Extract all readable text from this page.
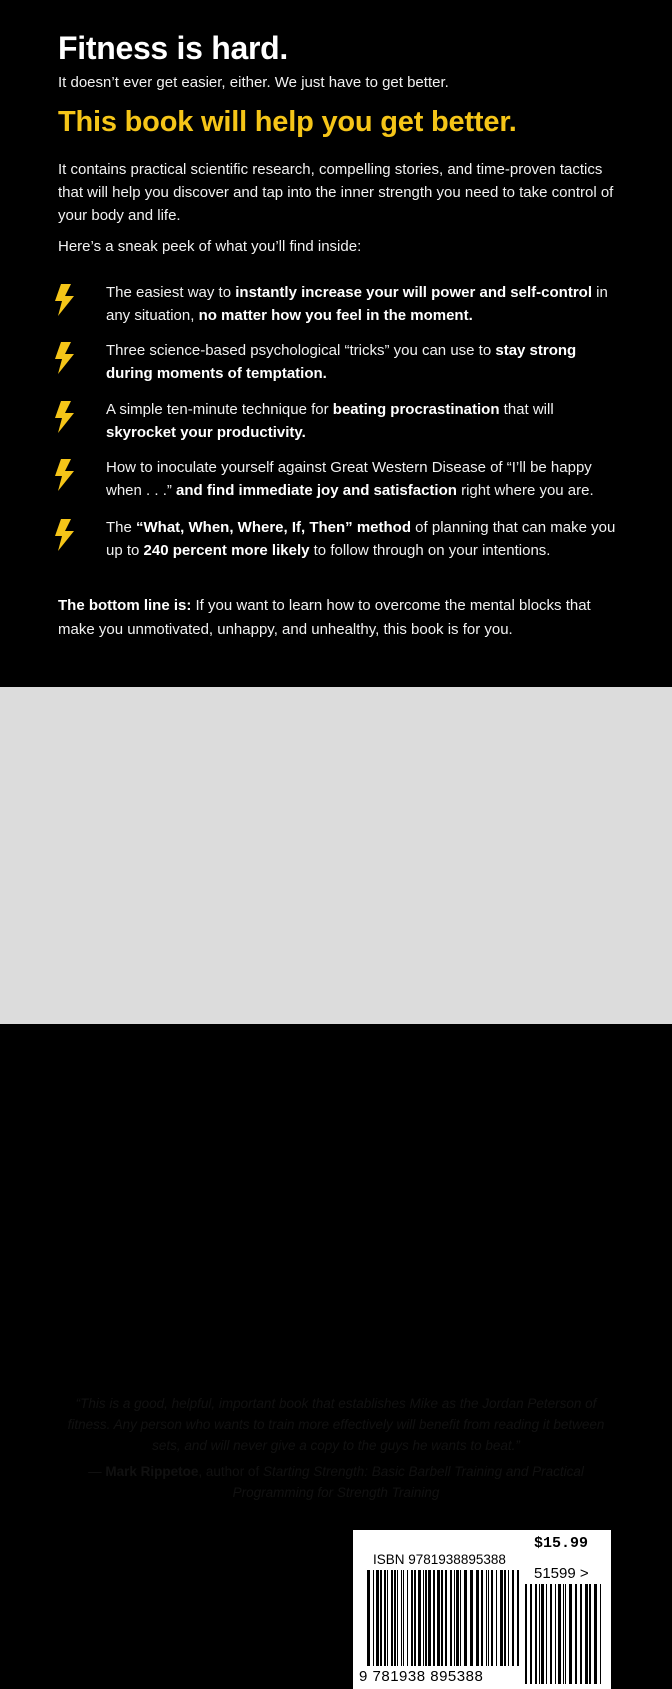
Fitness is hard.

It doesn’t ever get easier, either. We just have to get better.

This book will help you get better.

It contains practical scientific research, compelling stories, and time-proven tactics that will help you discover and tap into the inner strength you need to take control of your body and life.

Here’s a sneak peek of what you’ll find inside:

The easiest way to instantly increase your will power and self-control in any situation, no matter how you feel in the moment.

Three science-based psychological “tricks” you can use to stay strong during moments of temptation.

A simple ten-minute technique for beating procrastination that will skyrocket your productivity.

How to inoculate yourself against Great Western Disease of “I’ll be happy when . . .” and find immediate joy and satisfaction right where you are.

The “What, When, Where, If, Then” method of planning that can make you up to 240 percent more likely to follow through on your intentions.

The bottom line is: If you want to learn how to overcome the mental blocks that make you unmotivated, unhappy, and unhealthy, this book is for you.

“This is a good, helpful, important book that establishes Mike as the Jordan Peterson of fitness. Any person who wants to train more effectively will benefit from reading it between sets, and will never give a copy to the guys he wants to beat.”

— Mark Rippetoe, author of Starting Strength: Basic Barbell Training and Practical Programming for Strength Training

$15.99
ISBN 9781938895388
51599 >
9 781938 895388
